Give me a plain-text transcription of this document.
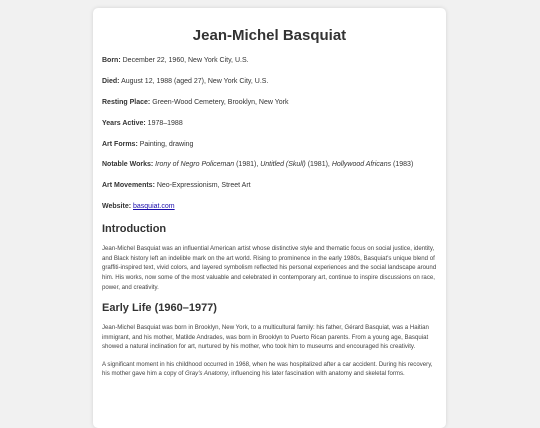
Jean-Michel Basquiat

Born: December 22, 1960, New York City, U.S.

Died: August 12, 1988 (aged 27), New York City, U.S.

Resting Place: Green-Wood Cemetery, Brooklyn, New York

Years Active: 1978–1988

Art Forms: Painting, drawing

Notable Works: Irony of Negro Policeman (1981), Untitled (Skull) (1981), Hollywood Africans (1983)

Art Movements: Neo-Expressionism, Street Art

Website: basquiat.com

Introduction

Jean-Michel Basquiat was an influential American artist whose distinctive style and thematic focus on social justice, identity, and Black history left an indelible mark on the art world. Rising to prominence in the early 1980s, Basquiat's unique blend of graffiti-inspired text, vivid colors, and layered symbolism reflected his personal experiences and the social landscape around him. His works, now some of the most valuable and celebrated in contemporary art, continue to inspire discussions on race, power, and creativity.

Early Life (1960–1977)

Jean-Michel Basquiat was born in Brooklyn, New York, to a multicultural family: his father, Gérard Basquiat, was a Haitian immigrant, and his mother, Matilde Andrades, was born in Brooklyn to Puerto Rican parents. From a young age, Basquiat showed a natural inclination for art, nurtured by his mother, who took him to museums and encouraged his creativity.

A significant moment in his childhood occurred in 1968, when he was hospitalized after a car accident. During his recovery, his mother gave him a copy of Gray's Anatomy, influencing his later fascination with anatomy and skeletal forms.
